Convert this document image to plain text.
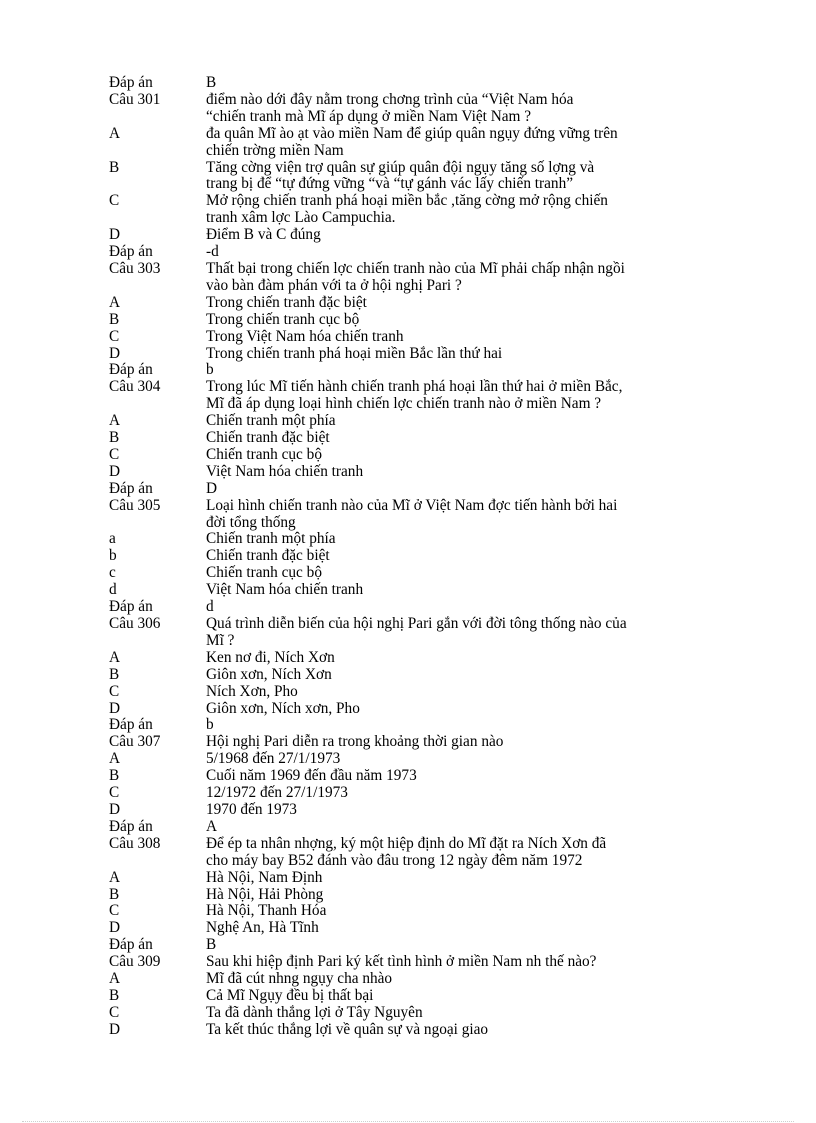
Đáp án	B
Câu 301	điểm nào dới đây nằm trong chơng trình của “Việt Nam hóa
“chiến tranh mà Mĩ áp dụng ở miền Nam Việt Nam ?
A	đa quân Mĩ ào ạt vào miền Nam để giúp quân ngụy đứng vững trên
chiến trờng miền Nam
B	Tăng cờng viện trợ quân sự giúp quân đội ngụy tăng số lợng và
trang bị để “tự đứng vững “và “tự gánh vác lấy chiến tranh”
C	Mở rộng chiến tranh phá hoại miền bắc ,tăng cờng mở rộng chiến
tranh xâm lợc Lào Campuchia.
D	Điểm B và C đúng
Đáp án	-d
Câu 303	Thất bại trong chiến lợc chiến tranh nào của Mĩ phải chấp nhận ngồi
vào bàn đàm phán với ta ở hội nghị Pari ?
A	Trong chiến tranh đặc biệt
B	Trong chiến tranh cục bộ
C	Trong Việt Nam hóa chiến tranh
D	Trong chiến tranh phá hoại miền Bắc lần thứ hai
Đáp án	b
Câu 304	Trong lúc Mĩ tiến hành chiến tranh phá hoại lần thứ hai ở miền Bắc,
Mĩ đã áp dụng loại hình chiến lợc chiến tranh nào ở miền Nam ?
A	Chiến tranh một phía
B	Chiến tranh đặc biệt
C	Chiến tranh cục bộ
D	Việt Nam hóa chiến tranh
Đáp án	D
Câu 305	Loại hình chiến tranh nào của Mĩ ở Việt Nam đợc tiến hành bởi hai
đời tổng thống
a	Chiến tranh một phía
b	Chiến tranh đặc biệt
c	Chiến tranh cục bộ
d	Việt Nam hóa chiến tranh
Đáp án	d
Câu 306	Quá trình diễn biến của hội nghị Pari gắn với đời tông thống nào của
Mĩ ?
A	Ken nơ đi, Ních Xơn
B	Giôn xơn, Ních Xơn
C	Ních Xơn, Pho
D	Giôn xơn, Ních xơn, Pho
Đáp án	b
Câu 307	Hội nghị Pari diễn ra trong khoảng thời gian nào
A	5/1968 đến 27/1/1973
B	Cuối năm 1969 đến đầu năm 1973
C	12/1972 đến 27/1/1973
D	1970 đến 1973
Đáp án	A
Câu 308	Để ép ta nhân nhợng, ký một hiệp định do Mĩ đặt ra Ních Xơn đã
cho máy bay B52 đánh vào đâu trong 12 ngày đêm năm 1972
A	Hà Nội, Nam Định
B	Hà Nội, Hải Phòng
C	Hà Nội, Thanh Hóa
D	Nghệ An, Hà Tĩnh
Đáp án	B
Câu 309	Sau khi hiệp định Pari ký kết tình hình ở miền Nam nh thế nào?
A	Mĩ đã cút nhng ngụy cha nhào
B	Cả Mĩ Ngụy đều bị thất bại
C	Ta đã dành thắng lợi ở Tây Nguyên
D	Ta kết thúc thắng lợi về quân sự và ngoại giao
